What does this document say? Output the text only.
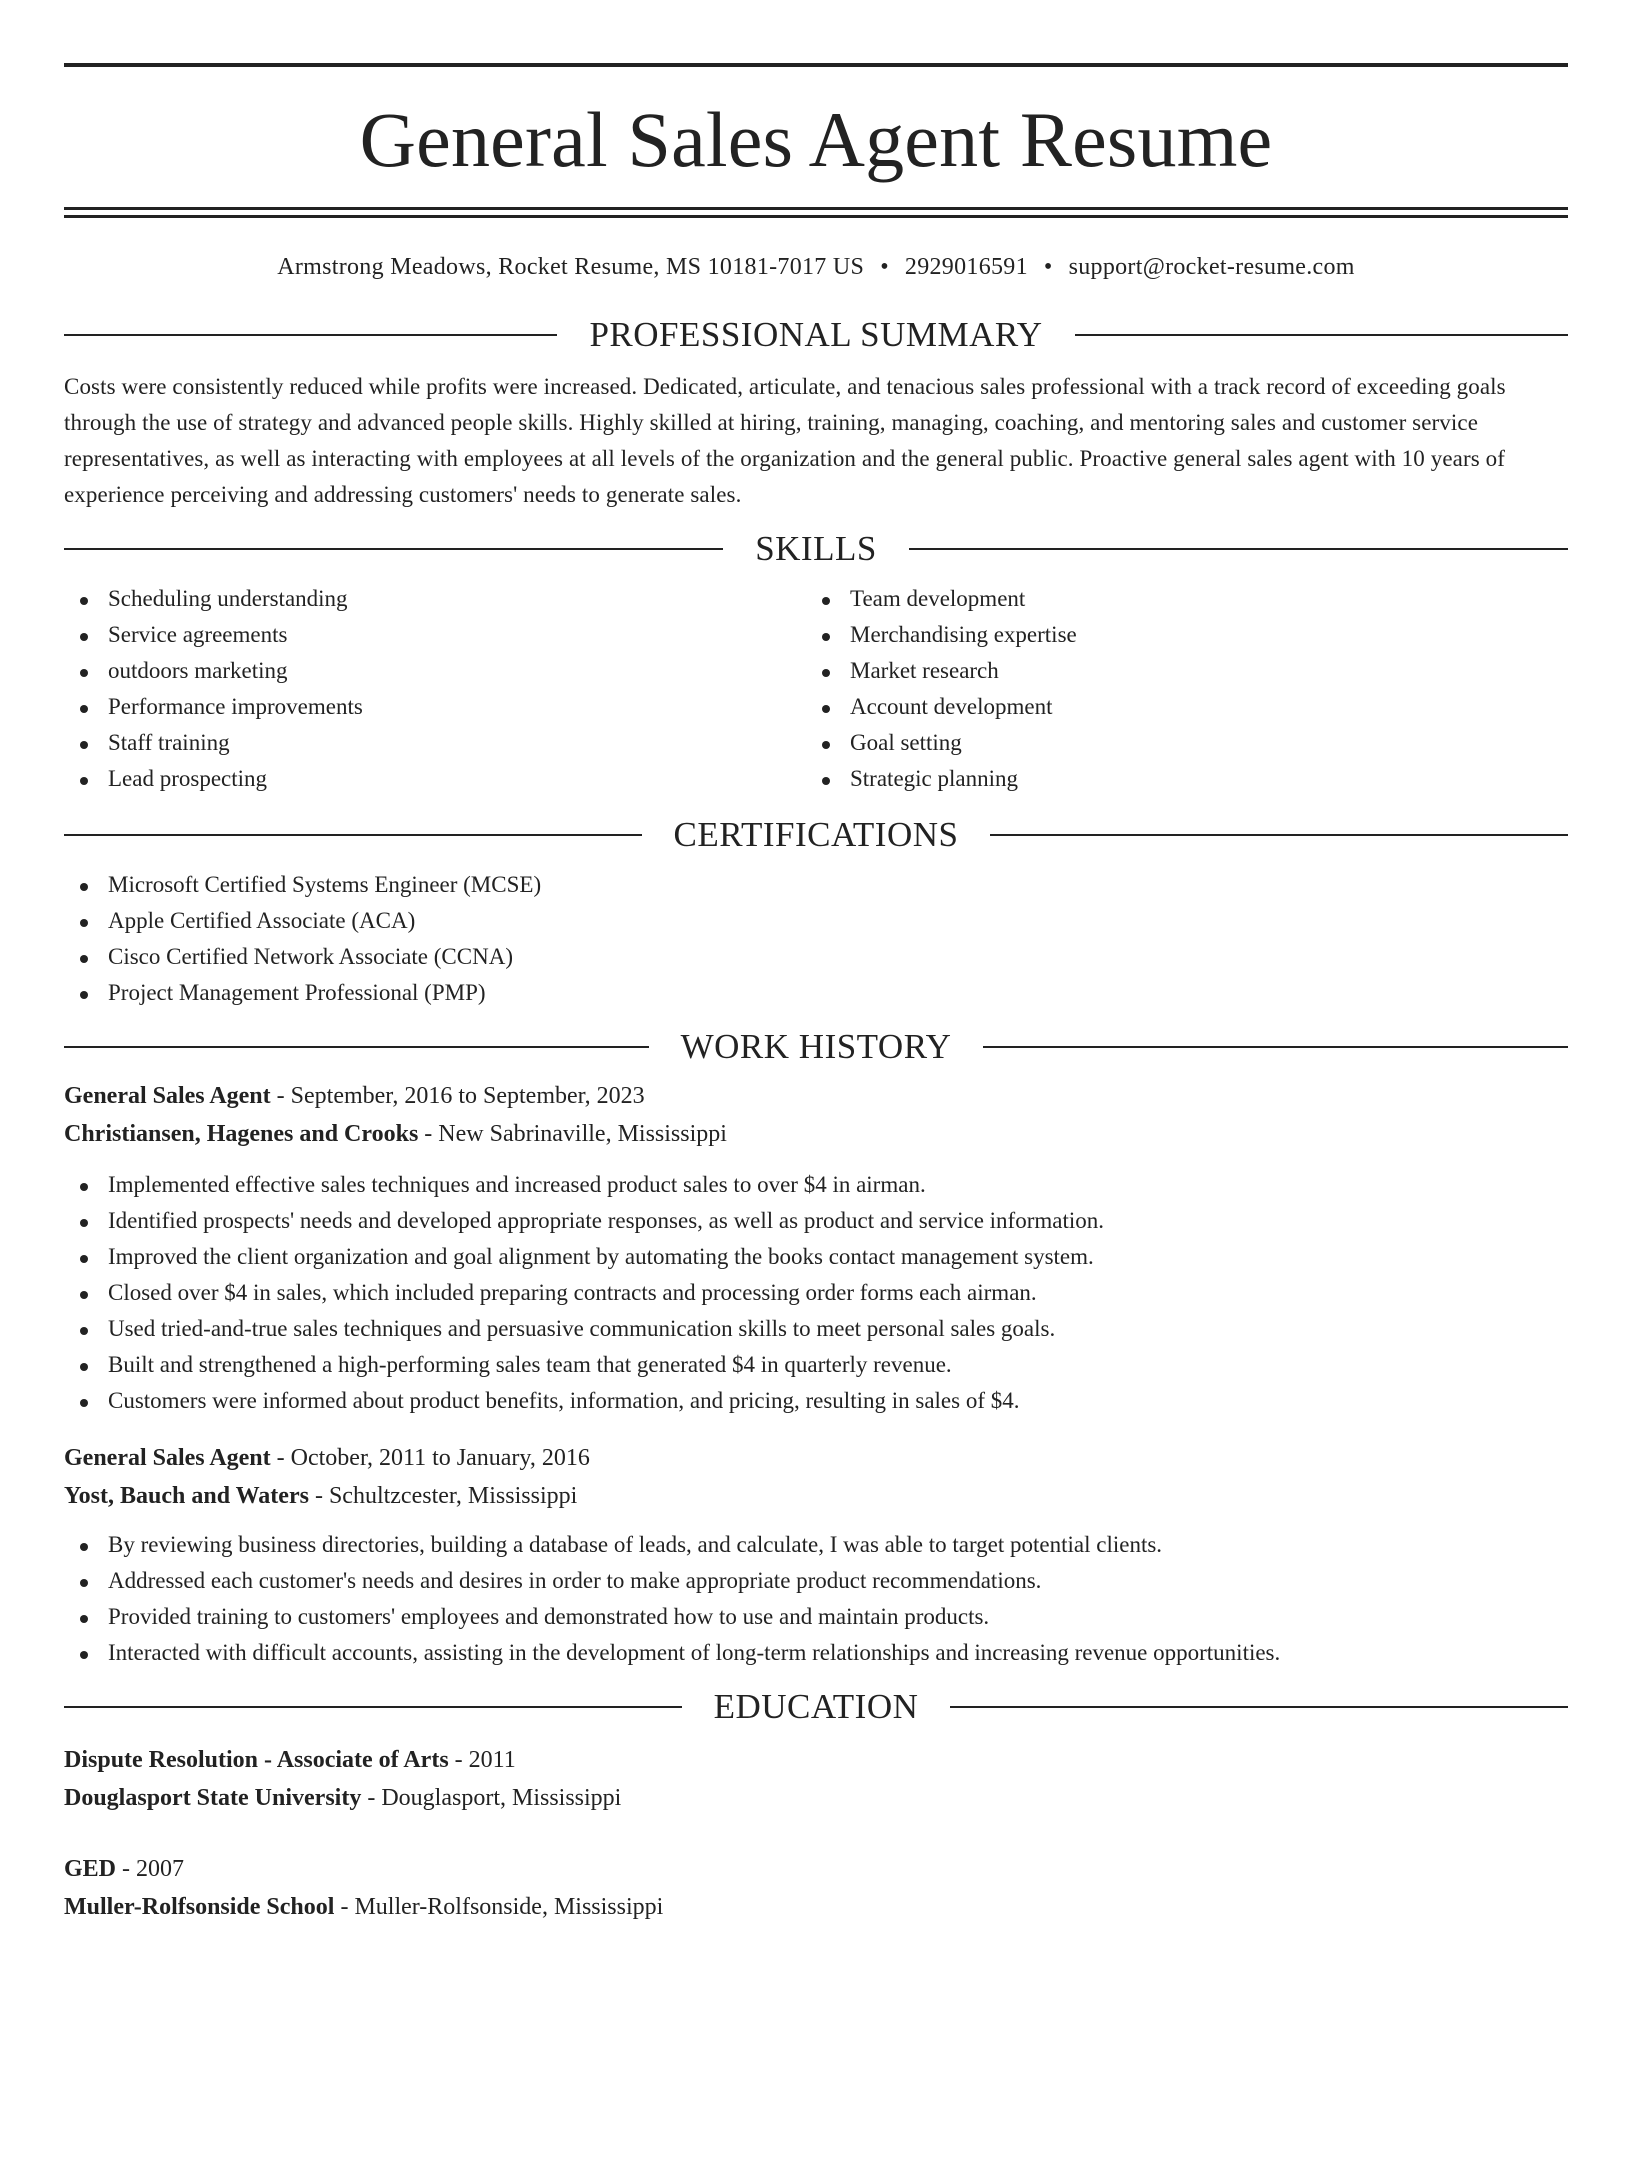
General Sales Agent Resume
Armstrong Meadows, Rocket Resume, MS 10181-7017 US • 2929016591 • support@rocket-resume.com
PROFESSIONAL SUMMARY

Costs were consistently reduced while profits were increased. Dedicated, articulate, and tenacious sales professional with a track record of exceeding goals through the use of strategy and advanced people skills. Highly skilled at hiring, training, managing, coaching, and mentoring sales and customer service representatives, as well as interacting with employees at all levels of the organization and the general public. Proactive general sales agent with 10 years of experience perceiving and addressing customers' needs to generate sales.

SKILLS
Scheduling understanding
Service agreements
outdoors marketing
Performance improvements
Staff training
Lead prospecting
Team development
Merchandising expertise
Market research
Account development
Goal setting
Strategic planning
CERTIFICATIONS
Microsoft Certified Systems Engineer (MCSE)
Apple Certified Associate (ACA)
Cisco Certified Network Associate (CCNA)
Project Management Professional (PMP)
WORK HISTORY
General Sales Agent - September, 2016 to September, 2023
Christiansen, Hagenes and Crooks - New Sabrinaville, Mississippi
Implemented effective sales techniques and increased product sales to over $4 in airman.
Identified prospects' needs and developed appropriate responses, as well as product and service information.
Improved the client organization and goal alignment by automating the books contact management system.
Closed over $4 in sales, which included preparing contracts and processing order forms each airman.
Used tried-and-true sales techniques and persuasive communication skills to meet personal sales goals.
Built and strengthened a high-performing sales team that generated $4 in quarterly revenue.
Customers were informed about product benefits, information, and pricing, resulting in sales of $4.
General Sales Agent - October, 2011 to January, 2016
Yost, Bauch and Waters - Schultzcester, Mississippi
By reviewing business directories, building a database of leads, and calculate, I was able to target potential clients.
Addressed each customer's needs and desires in order to make appropriate product recommendations.
Provided training to customers' employees and demonstrated how to use and maintain products.
Interacted with difficult accounts, assisting in the development of long-term relationships and increasing revenue opportunities.
EDUCATION
Dispute Resolution - Associate of Arts - 2011
Douglasport State University - Douglasport, Mississippi
GED - 2007
Muller-Rolfsonside School - Muller-Rolfsonside, Mississippi
